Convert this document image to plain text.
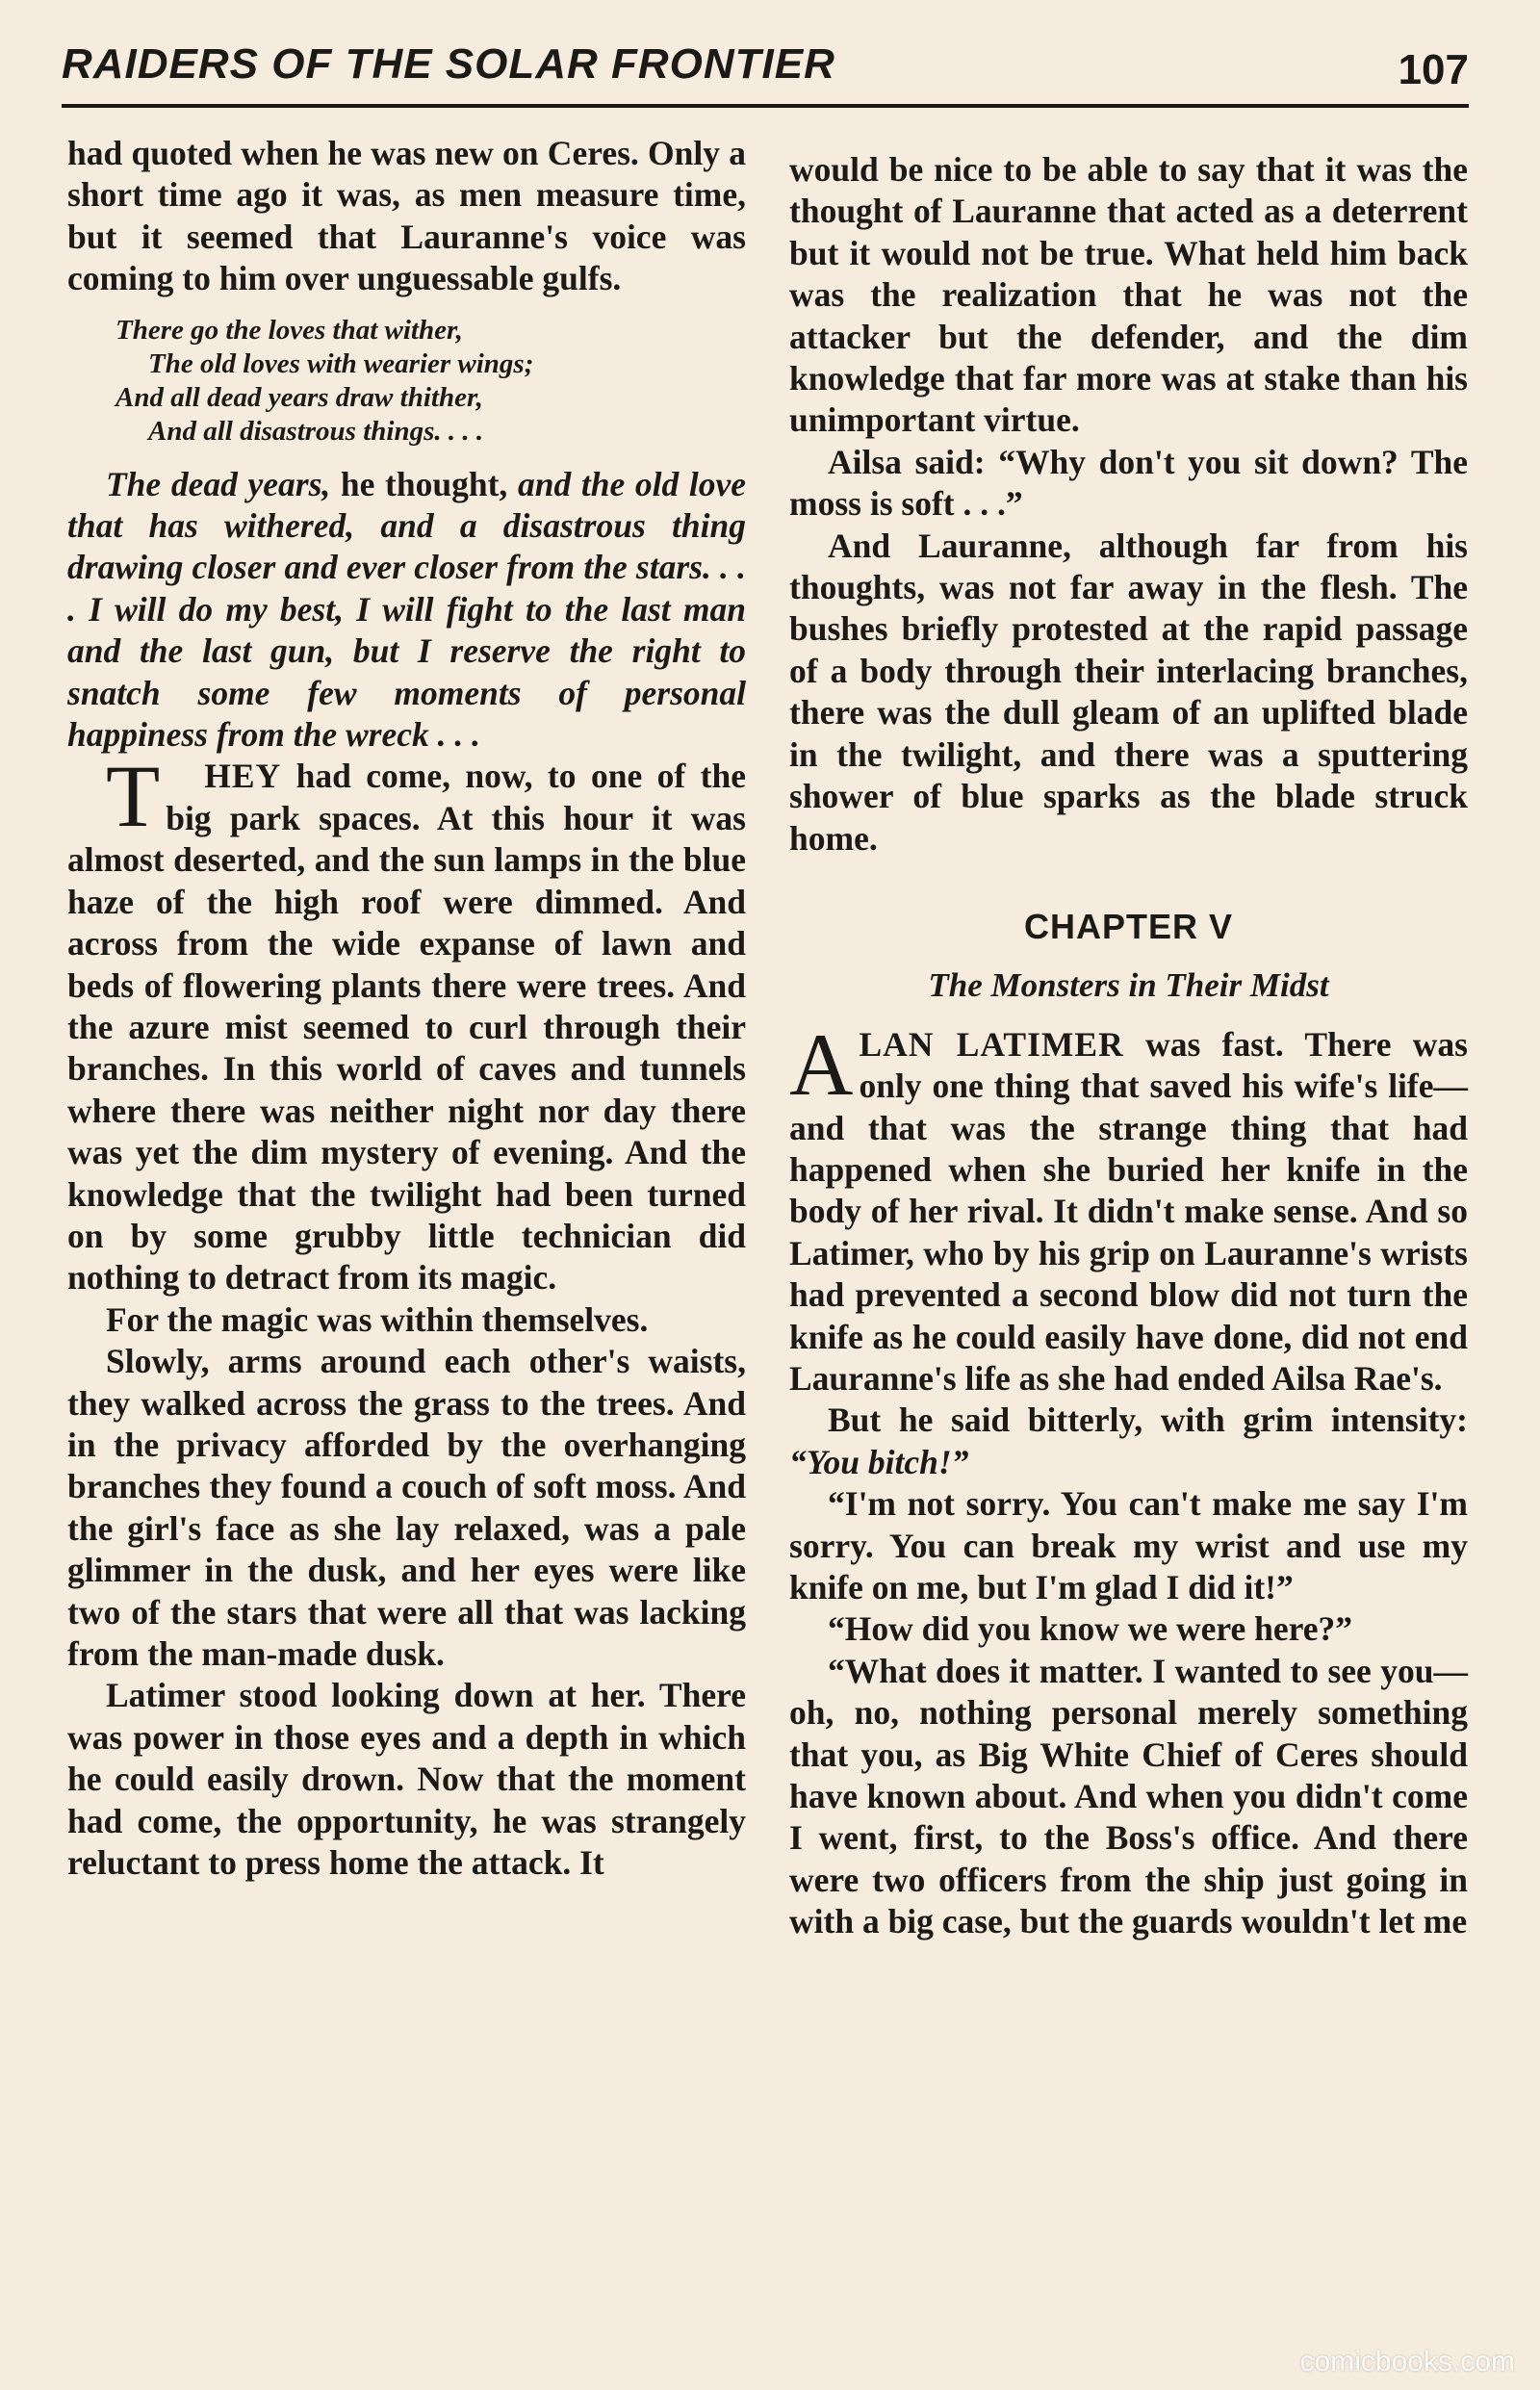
RAIDERS OF THE SOLAR FRONTIER	107

had quoted when he was new on Ceres. Only a short time ago it was, as men measure time, but it seemed that Lauranne's voice was coming to him over unguessable gulfs.

There go the loves that wither,
The old loves with wearier wings;
And all dead years draw thither,
And all disastrous things. . . .

The dead years, he thought, and the old love that has withered, and a disastrous thing drawing closer and ever closer from the stars. . . . I will do my best, I will fight to the last man and the last gun, but I reserve the right to snatch some few moments of personal happiness from the wreck . . .

T HEY had come, now, to one of the big park spaces. At this hour it was almost deserted, and the sun lamps in the blue haze of the high roof were dimmed. And across from the wide expanse of lawn and beds of flowering plants there were trees. And the azure mist seemed to curl through their branches. In this world of caves and tunnels where there was neither night nor day there was yet the dim mystery of evening. And the knowledge that the twilight had been turned on by some grubby little technician did nothing to detract from its magic.

For the magic was within themselves.

Slowly, arms around each other's waists, they walked across the grass to the trees. And in the privacy afforded by the overhanging branches they found a couch of soft moss. And the girl's face as she lay relaxed, was a pale glimmer in the dusk, and her eyes were like two of the stars that were all that was lacking from the man-made dusk.

Latimer stood looking down at her. There was power in those eyes and a depth in which he could easily drown. Now that the moment had come, the opportunity, he was strangely reluctant to press home the attack. It

would be nice to be able to say that it was the thought of Lauranne that acted as a deterrent but it would not be true. What held him back was the realization that he was not the attacker but the defender, and the dim knowledge that far more was at stake than his unimportant virtue.

Ailsa said: “Why don't you sit down? The moss is soft . . .”

And Lauranne, although far from his thoughts, was not far away in the flesh. The bushes briefly protested at the rapid passage of a body through their interlacing branches, there was the dull gleam of an uplifted blade in the twilight, and there was a sputtering shower of blue sparks as the blade struck home.

CHAPTER V
The Monsters in Their Midst

ALAN LATIMER was fast. There was only one thing that saved his wife's life—and that was the strange thing that had happened when she buried her knife in the body of her rival. It didn't make sense. And so Latimer, who by his grip on Lauranne's wrists had prevented a second blow did not turn the knife as he could easily have done, did not end Lauranne's life as she had ended Ailsa Rae's.

But he said bitterly, with grim intensity: “You bitch!”

“I'm not sorry. You can't make me say I'm sorry. You can break my wrist and use my knife on me, but I'm glad I did it!”

“How did you know we were here?”

“What does it matter. I wanted to see you—oh, no, nothing personal merely something that you, as Big White Chief of Ceres should have known about. And when you didn't come I went, first, to the Boss's office. And there were two officers from the ship just going in with a big case, but the guards wouldn't let me

comicbooks.com
